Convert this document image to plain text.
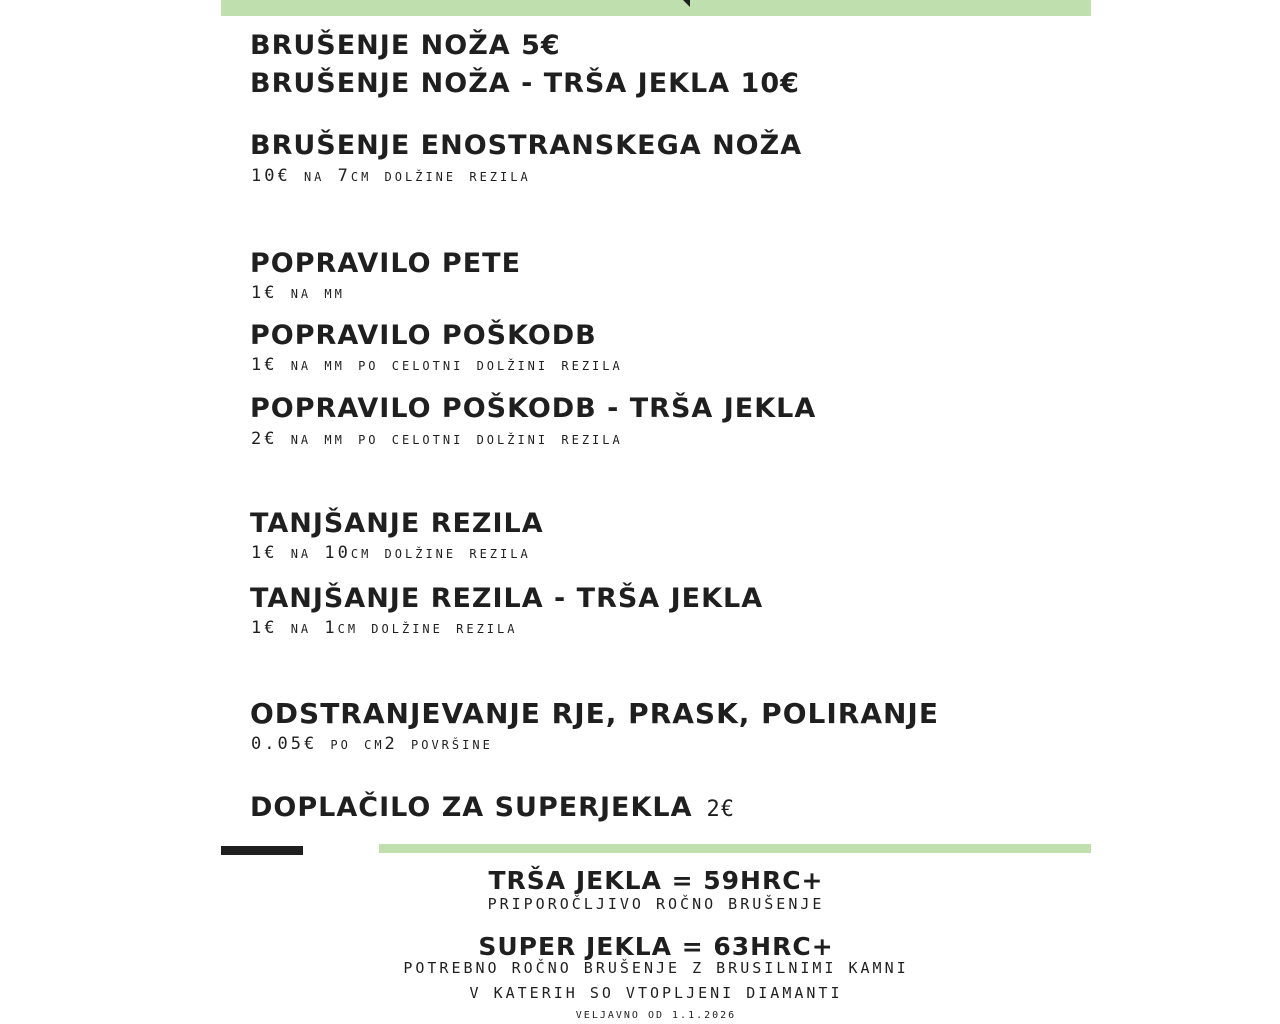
BRUŠENJE NOŽA 5€
BRUŠENJE NOŽA - TRŠA JEKLA 10€
BRUŠENJE ENOSTRANSKEGA NOŽA

10€ na 7cm dolžine rezila

POPRAVILO PETE

1€ na mm

POPRAVILO POŠKODB

1€ na mm po celotni dolžini rezila

POPRAVILO POŠKODB - TRŠA JEKLA

2€ na mm po celotni dolžini rezila

TANJŠANJE REZILA

1€ na 10cm dolžine rezila

TANJŠANJE REZILA - TRŠA JEKLA

1€ na 1cm dolžine rezila

ODSTRANJEVANJE RJE, PRASK, POLIRANJE

0.05€ po cm2 površine

DOPLAČILO ZA SUPERJEKLA 2€
TRŠA JEKLA = 59HRC+

PRIPOROČLJIVO ROČNO BRUŠENJE

SUPER JEKLA = 63HRC+

POTREBNO ROČNO BRUŠENJE Z BRUSILNIMI KAMNI

V KATERIH SO VTOPLJENI DIAMANTI

VELJAVNO OD 1.1.2026
